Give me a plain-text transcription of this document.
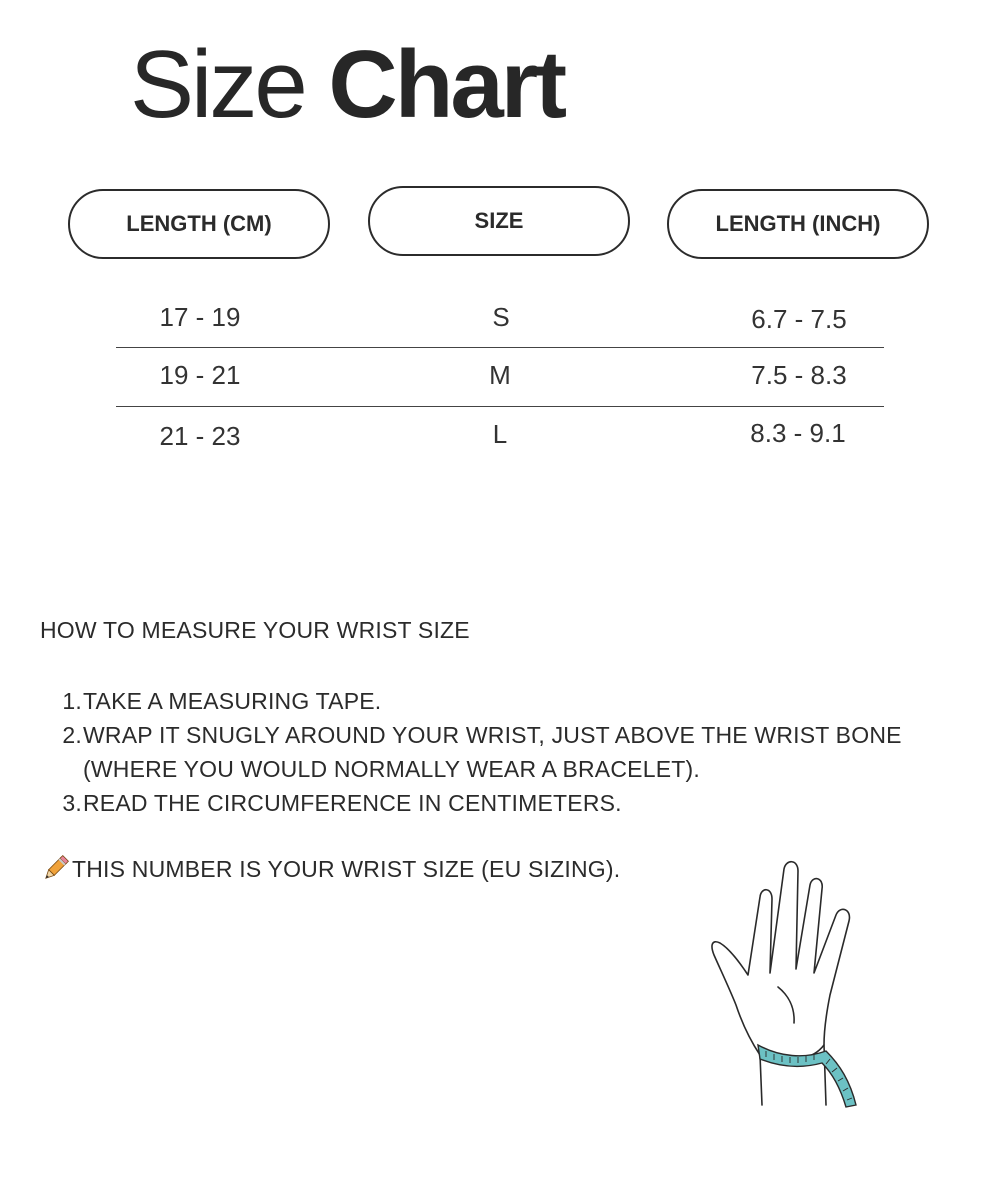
Size Chart
LENGTH (CM)	SIZE	LENGTH (INCH)
17 - 19	S	6.7 - 7.5
19 - 21	M	7.5 - 8.3
21 - 23	L	8.3 - 9.1
HOW TO MEASURE YOUR WRIST SIZE
1. TAKE A MEASURING TAPE.
2. WRAP IT SNUGLY AROUND YOUR WRIST, JUST ABOVE THE WRIST BONE (WHERE YOU WOULD NORMALLY WEAR A BRACELET).
3. READ THE CIRCUMFERENCE IN CENTIMETERS.
THIS NUMBER IS YOUR WRIST SIZE (EU SIZING).
